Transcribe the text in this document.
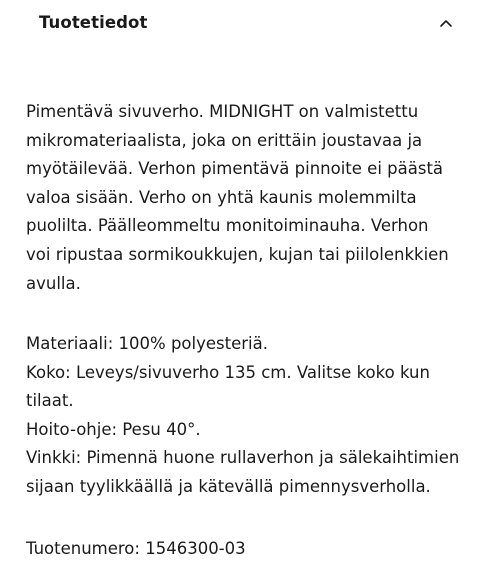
Tuotetiedot
Pimentävä sivuverho. MIDNIGHT on valmistettu
mikromateriaalista, joka on erittäin joustavaa ja
myötäilevää. Verhon pimentävä pinnoite ei päästä
valoa sisään. Verho on yhtä kaunis molemmilta
puolilta. Päälleommeltu monitoiminauha. Verhon
voi ripustaa sormikoukkujen, kujan tai piilolenkkien
avulla.
Materiaali: 100% polyesteriä.
Koko: Leveys/sivuverho 135 cm. Valitse koko kun
tilaat.
Hoito-ohje: Pesu 40°.
Vinkki: Pimennä huone rullaverhon ja sälekaihtimien
sijaan tyylikkäällä ja kätevällä pimennysverholla.
Tuotenumero: 1546300-03
